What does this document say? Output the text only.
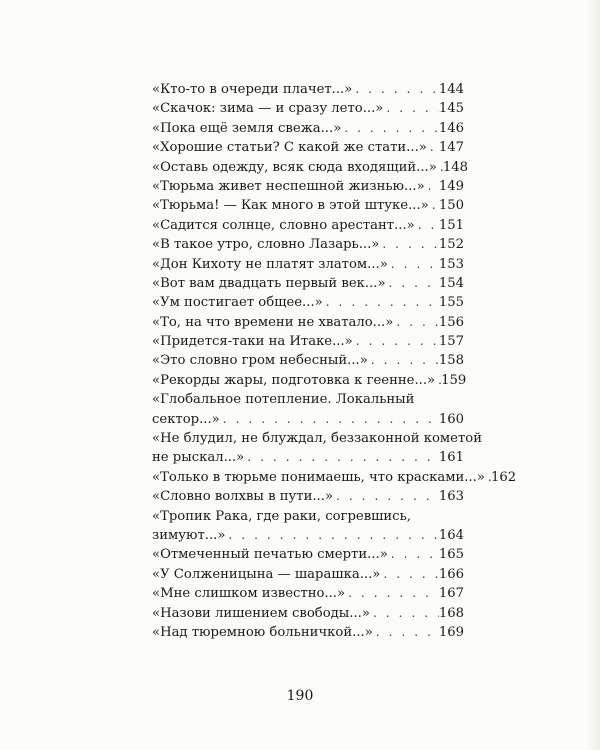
«Кто-то в очереди плачет...» . . .	144
«Скачок: зима — и сразу лето...» . . .	145
«Пока ещё земля свежа...» . . .	146
«Хорошие статьи? С какой же стати...» . . . 147
«Оставь одежду, всяк сюда входящий...» . . . 148
«Тюрьма живет неспешной жизнью...» . . . 149
«Тюрьма! — Как много в этой штуке...» . . . 150
«Садится солнце, словно арестант...» . . . 151
«В такое утро, словно Лазарь...» . . .	152
«Дон Кихоту не платят златом...» . . .	153
«Вот вам двадцать первый век...» . . .	154
«Ум постигает общее...» . . .	155
«То, на что времени не хватало...» . . .	156
«Придется-таки на Итаке...» . . .	157
«Это словно гром небесный...» . . .	158
«Рекорды жары, подготовка к геенне...» . . . 159
«Глобальное потепление. Локальный
сектор...» . . .	160
«Не блудил, не блуждал, беззаконной кометой
не рыскал...» . . .	161
«Только в тюрьме понимаешь, что красками...» . . . 162
«Словно волхвы в пути...» . . .	163
«Тропик Рака, где раки, согревшись,
зимуют...» . . .	164
«Отмеченный печатью смерти...» . . .	165
«У Солженицына — шарашка...» . . .	166
«Мне слишком известно...» . . .	167
«Назови лишением свободы...» . . .	168
«Над тюремною больничкой...» . . .	169
190
